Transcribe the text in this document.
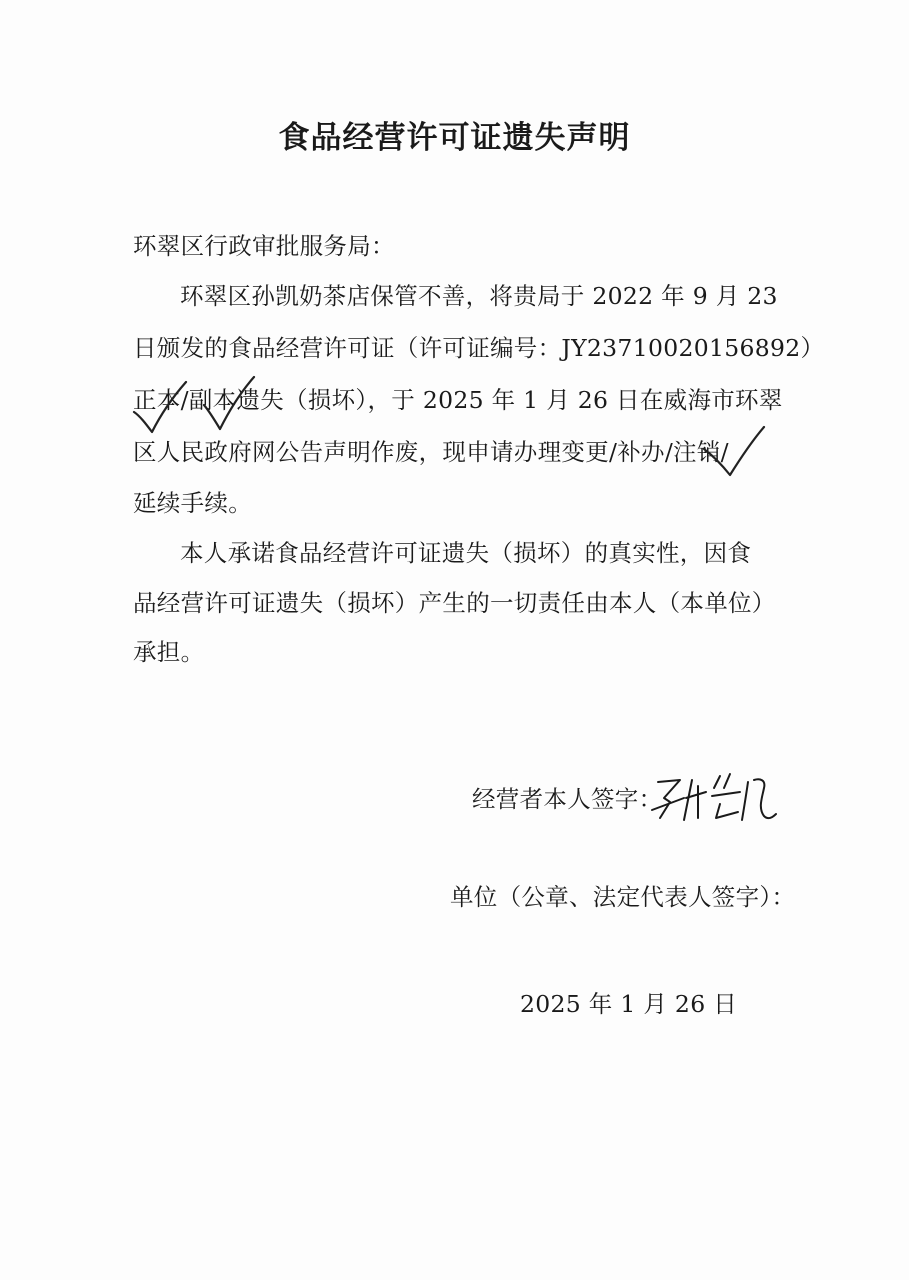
食品经营许可证遗失声明
环翠区行政审批服务局：
环翠区孙凯奶茶店保管不善，将贵局于 2022 年 9 月 23
日颁发的食品经营许可证（许可证编号：JY23710020156892）
正本/副本遗失（损坏），于 2025 年 1 月 26 日在威海市环翠
区人民政府网公告声明作废，现申请办理变更/补办/注销/
延续手续。
本人承诺食品经营许可证遗失（损坏）的真实性，因食
品经营许可证遗失（损坏）产生的一切责任由本人（本单位）
承担。
经营者本人签字：
单位（公章、法定代表人签字）：
2025 年 1 月 26 日
